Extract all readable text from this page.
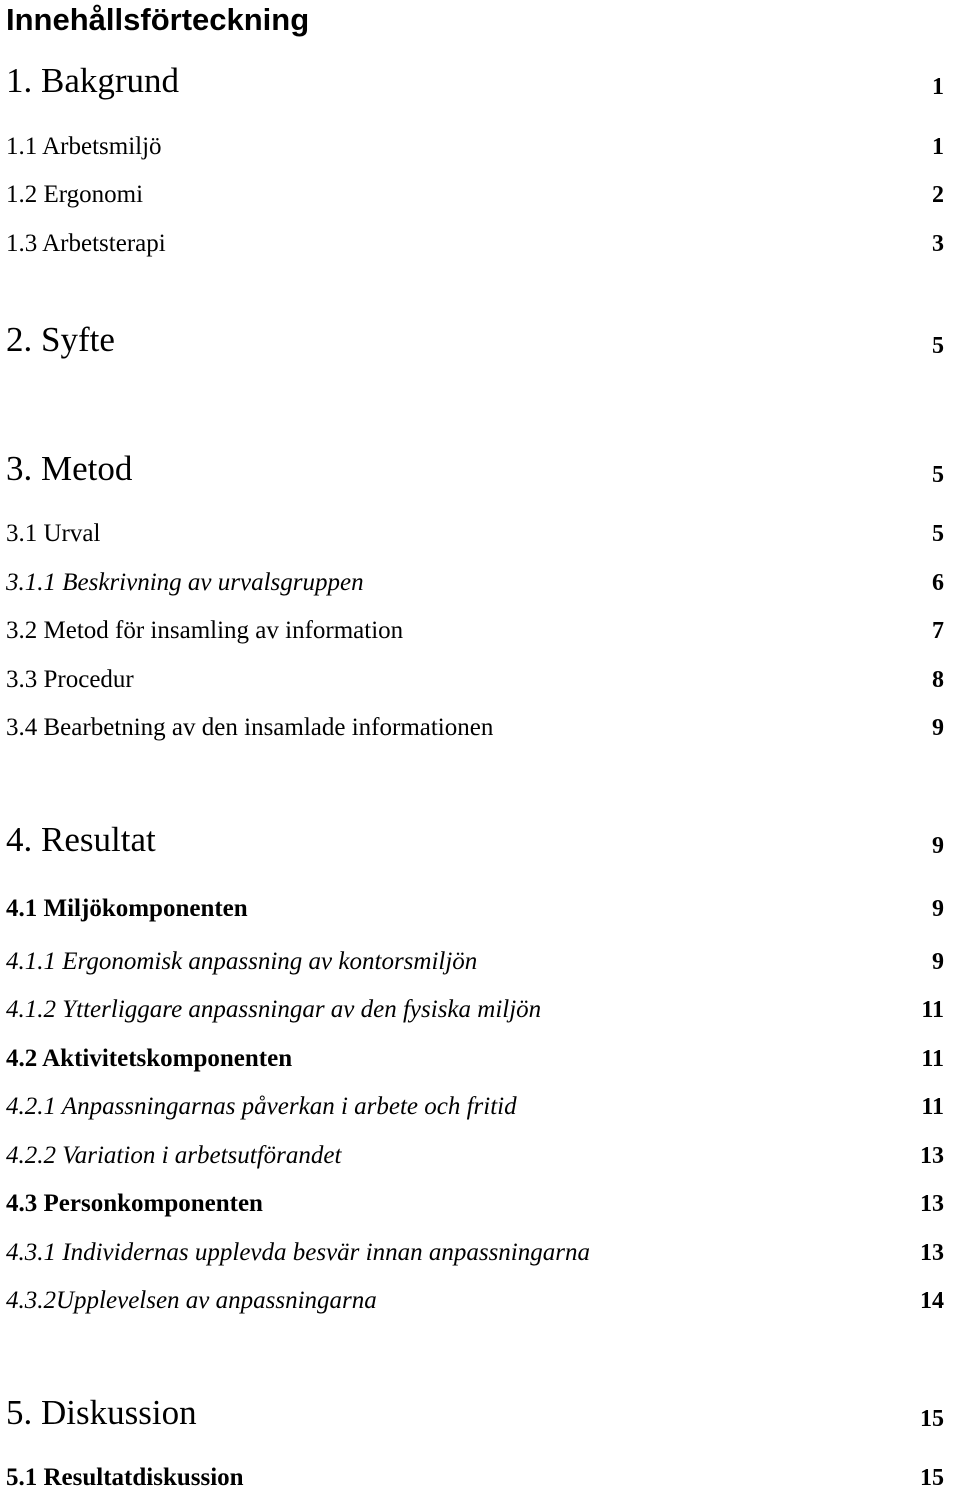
Innehållsförteckning
1. Bakgrund	1
1.1 Arbetsmiljö	1
1.2 Ergonomi	2
1.3 Arbetsterapi	3
2. Syfte	5
3. Metod	5
3.1 Urval	5
3.1.1 Beskrivning av urvalsgruppen	6
3.2 Metod för insamling av information	7
3.3 Procedur	8
3.4 Bearbetning av den insamlade informationen	9
4. Resultat	9
4.1 Miljökomponenten	9
4.1.1 Ergonomisk anpassning av kontorsmiljön	9
4.1.2 Ytterliggare anpassningar av den fysiska miljön	11
4.2 Aktivitetskomponenten	11
4.2.1 Anpassningarnas påverkan i arbete och fritid	11
4.2.2 Variation i arbetsutförandet	13
4.3 Personkomponenten	13
4.3.1 Individernas upplevda besvär innan anpassningarna	13
4.3.2Upplevelsen av anpassningarna	14
5. Diskussion	15
5.1 Resultatdiskussion	15
